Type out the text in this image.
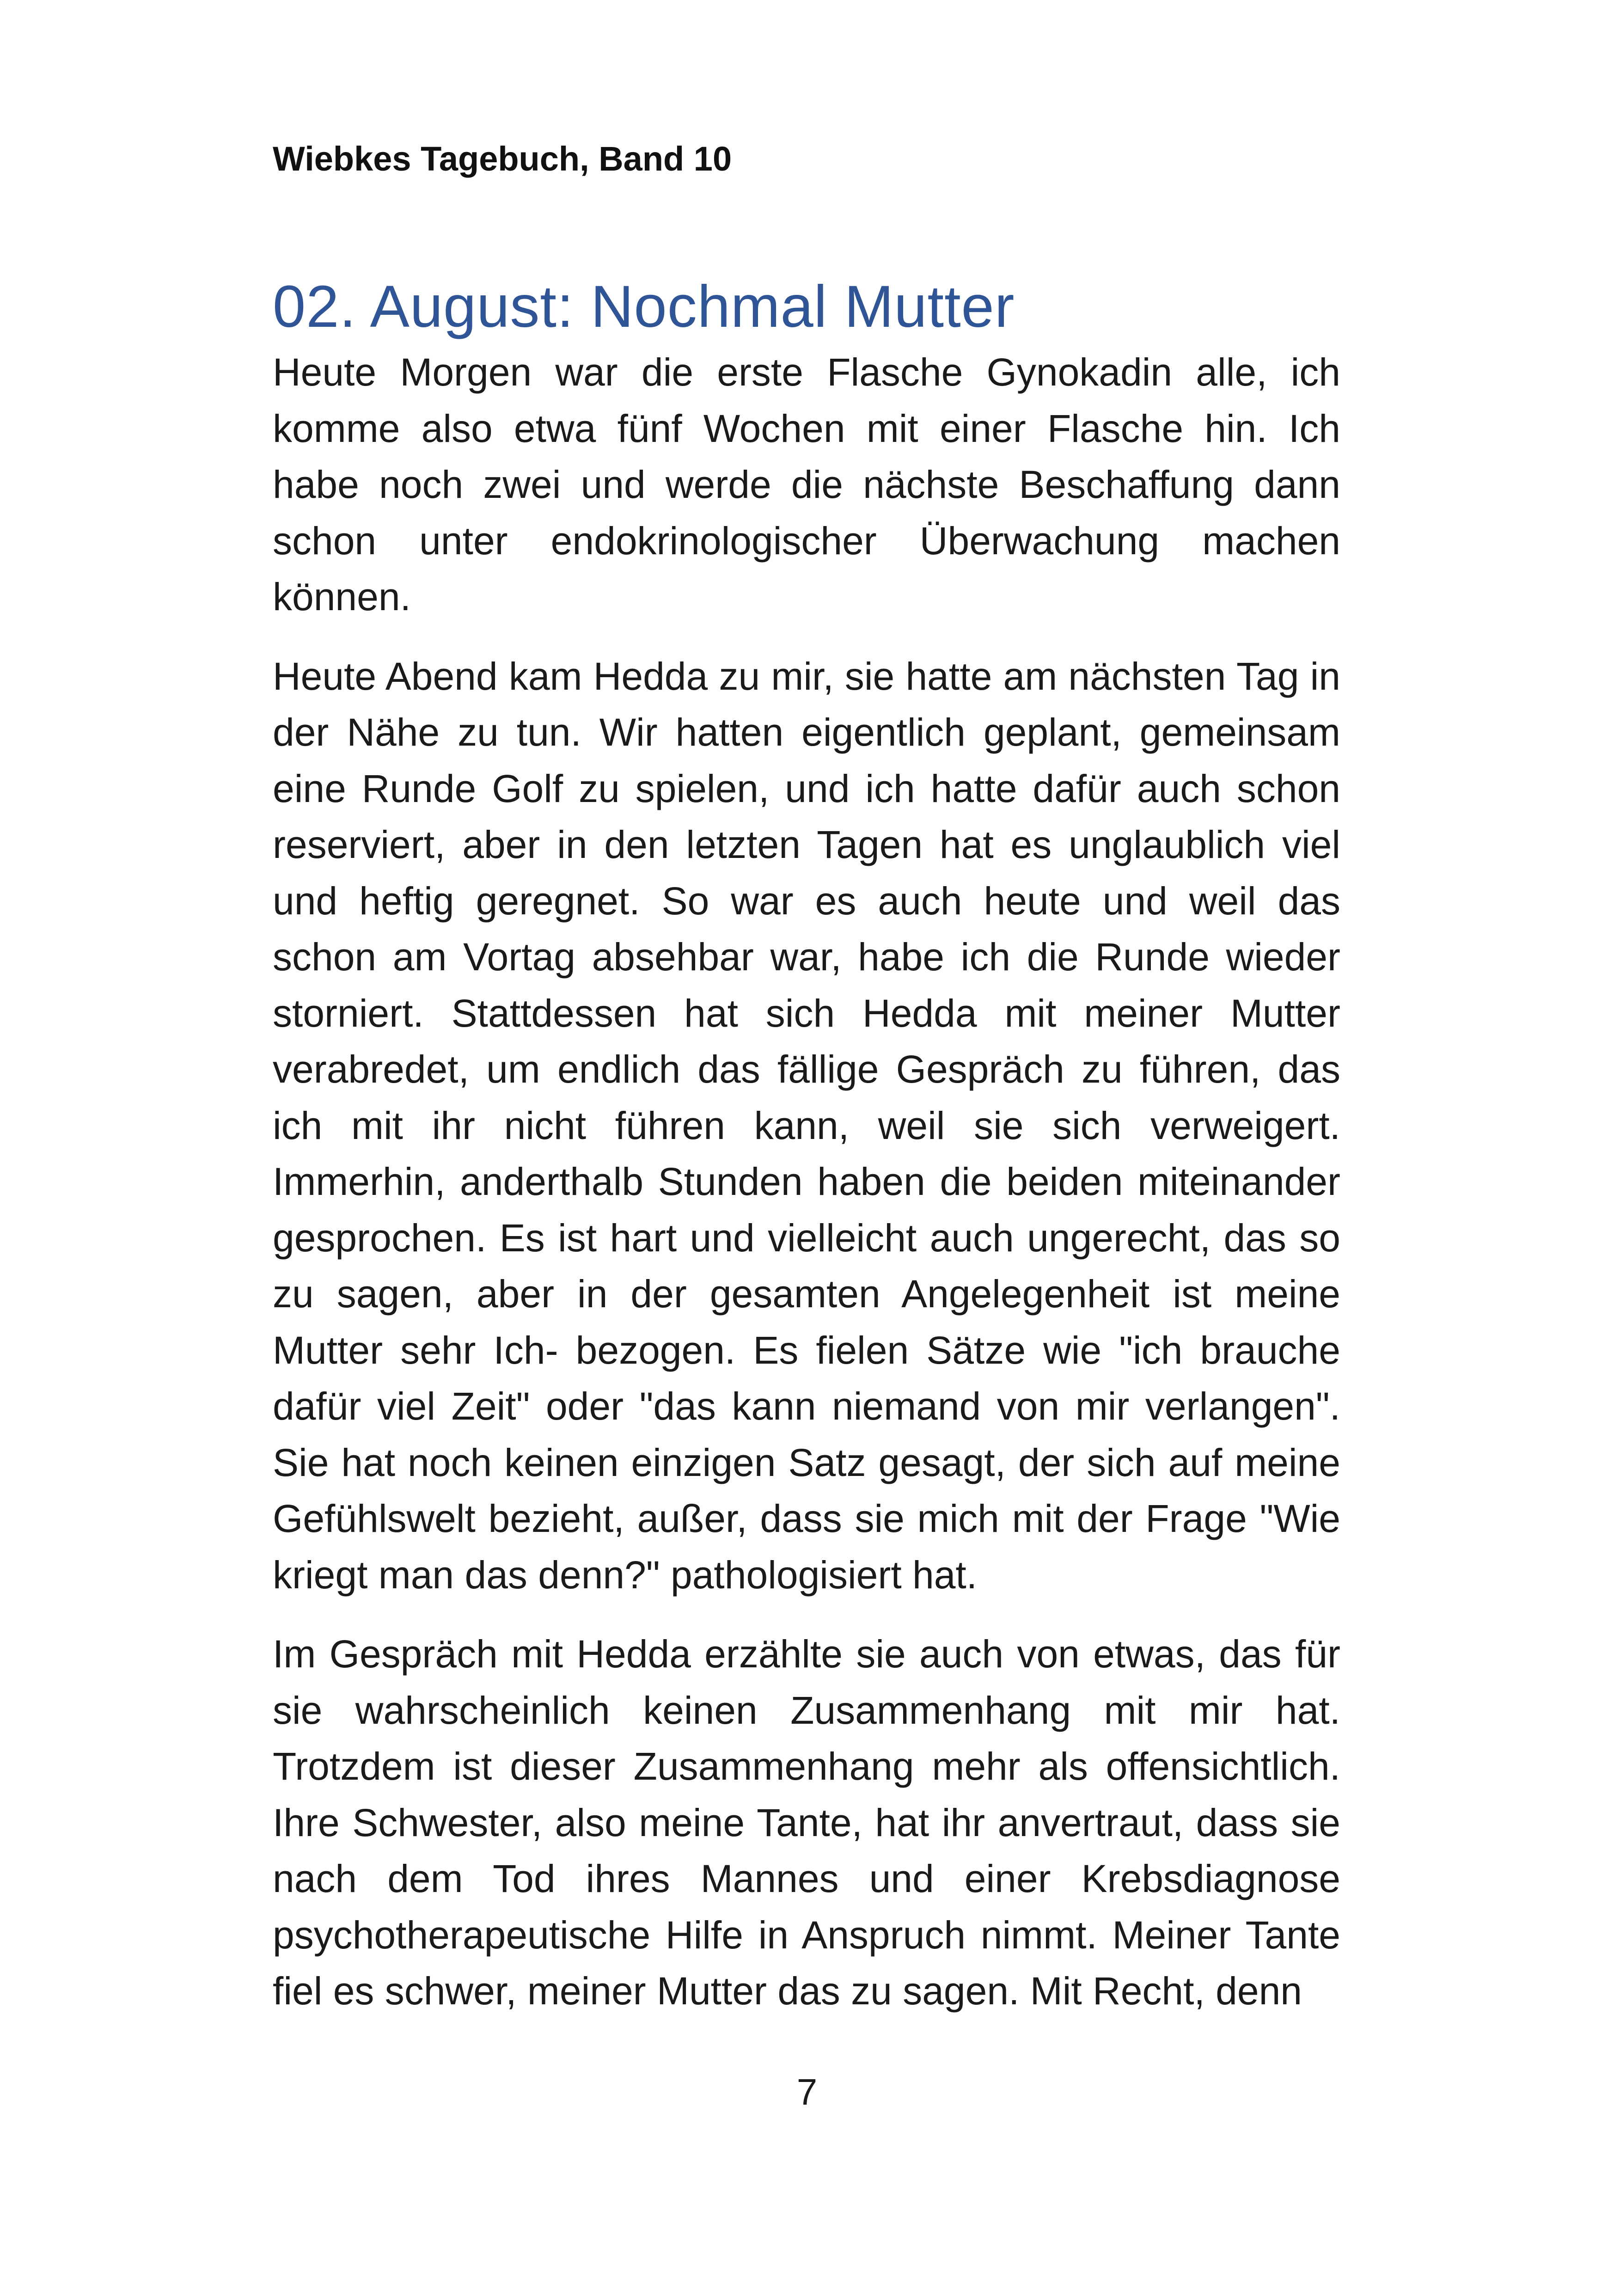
Wiebkes Tagebuch, Band 10

02. August: Nochmal Mutter

Heute Morgen war die erste Flasche Gynokadin alle, ich komme also etwa fünf Wochen mit einer Flasche hin. Ich habe noch zwei und werde die nächste Beschaffung dann schon unter endokrinologischer Überwachung machen können.

Heute Abend kam Hedda zu mir, sie hatte am nächsten Tag in der Nähe zu tun. Wir hatten eigentlich geplant, gemeinsam eine Runde Golf zu spielen, und ich hatte dafür auch schon reserviert, aber in den letzten Tagen hat es unglaublich viel und heftig geregnet. So war es auch heute und weil das schon am Vortag absehbar war, habe ich die Runde wieder storniert. Stattdessen hat sich Hedda mit meiner Mutter verabredet, um endlich das fällige Gespräch zu führen, das ich mit ihr nicht führen kann, weil sie sich verweigert. Immerhin, anderthalb Stunden haben die beiden miteinander gesprochen. Es ist hart und vielleicht auch ungerecht, das so zu sagen, aber in der gesamten Angelegenheit ist meine Mutter sehr Ich- bezogen. Es fielen Sätze wie "ich brauche dafür viel Zeit" oder "das kann niemand von mir verlangen". Sie hat noch keinen einzigen Satz gesagt, der sich auf meine Gefühlswelt bezieht, außer, dass sie mich mit der Frage "Wie kriegt man das denn?" pathologisiert hat.

Im Gespräch mit Hedda erzählte sie auch von etwas, das für sie wahrscheinlich keinen Zusammenhang mit mir hat. Trotzdem ist dieser Zusammenhang mehr als offensichtlich. Ihre Schwester, also meine Tante, hat ihr anvertraut, dass sie nach dem Tod ihres Mannes und einer Krebsdiagnose psychotherapeutische Hilfe in Anspruch nimmt. Meiner Tante fiel es schwer, meiner Mutter das zu sagen. Mit Recht, denn

7
